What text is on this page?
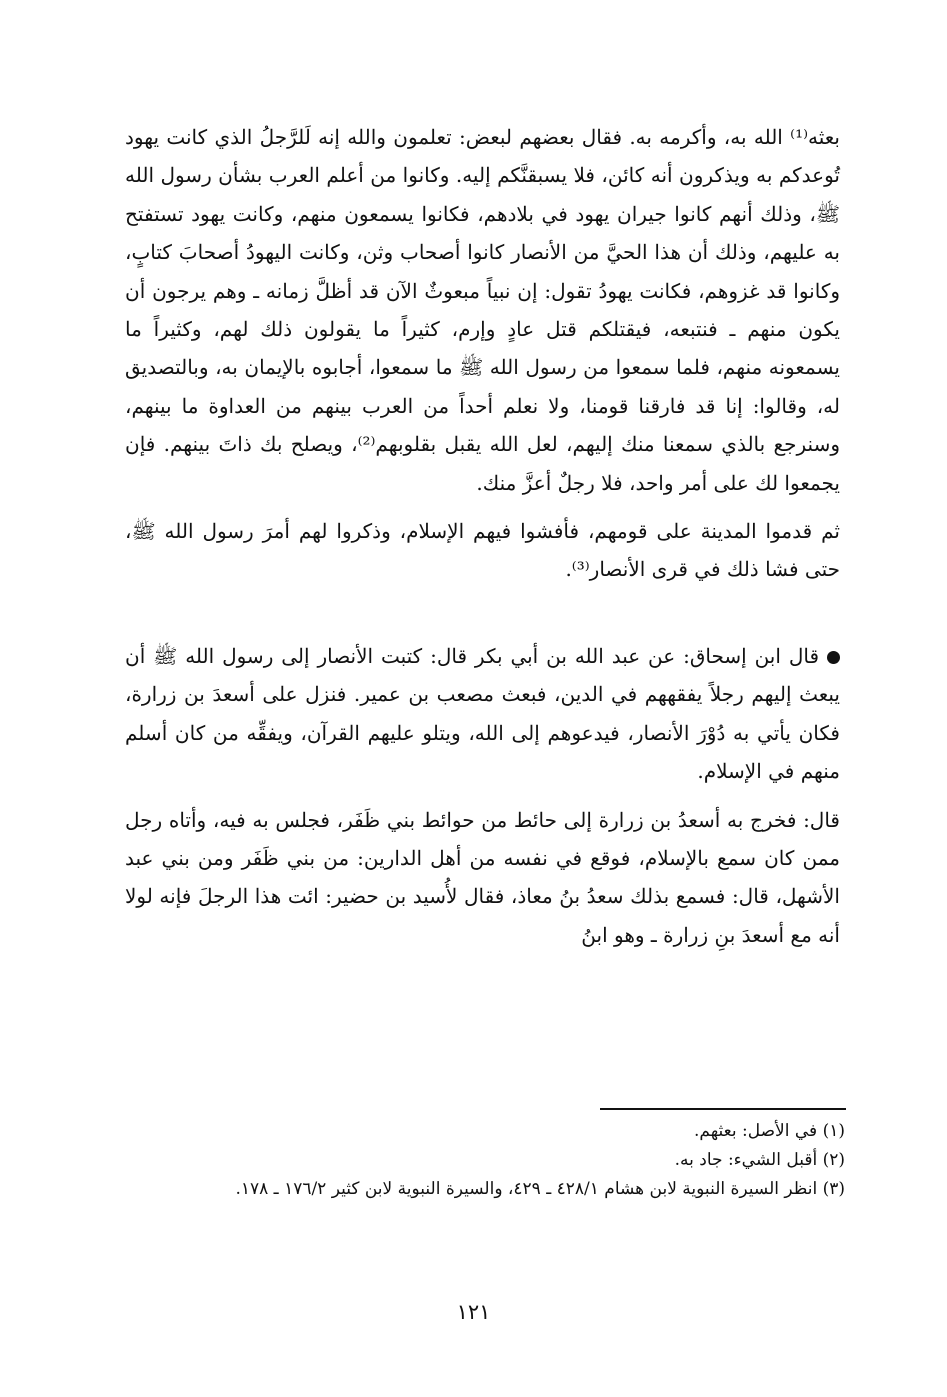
بعثه⁽¹⁾ الله به، وأكرمه به. فقال بعضهم لبعض: تعلمون والله إنه لَلرَّجلُ الذي كانت يهود تُوعدكم به ويذكرون أنه كائن، فلا يسبقنَّكم إليه. وكانوا من أعلم العرب بشأن رسول الله ﷺ، وذلك أنهم كانوا جيران يهود في بلادهم، فكانوا يسمعون منهم، وكانت يهود تستفتح به عليهم، وذلك أن هذا الحيَّ من الأنصار كانوا أصحاب وثن، وكانت اليهودُ أصحابَ كتابٍ، وكانوا قد غزوهم، فكانت يهودُ تقول: إن نبياً مبعوثٌ الآن قد أظلَّ زمانه ـ وهم يرجون أن يكون منهم ـ فنتبعه، فيقتلكم قتل عادٍ وإرم، كثيراً ما يقولون ذلك لهم، وكثيراً ما يسمعونه منهم، فلما سمعوا من رسول الله ﷺ ما سمعوا، أجابوه بالإيمان به، وبالتصديق له، وقالوا: إنا قد فارقنا قومنا، ولا نعلم أحداً من العرب بينهم من العداوة ما بينهم، وسنرجع بالذي سمعنا منك إليهم، لعل الله يقبل بقلوبهم⁽²⁾، ويصلح بك ذاتَ بينهم. فإن يجمعوا لك على أمر واحد، فلا رجلٌ أعزَّ منك.

ثم قدموا المدينة على قومهم، فأفشوا فيهم الإسلام، وذكروا لهم أمرَ رسول الله ﷺ، حتى فشا ذلك في قرى الأنصار⁽³⁾.

قال ابن إسحاق: عن عبد الله بن أبي بكر قال: كتبت الأنصار إلى رسول الله ﷺ أن يبعث إليهم رجلاً يفقههم في الدين، فبعث مصعب بن عمير. فنزل على أسعدَ بن زرارة، فكان يأتي به دُوْرَ الأنصار، فيدعوهم إلى الله، ويتلو عليهم القرآن، ويفقِّه من كان أسلم منهم في الإسلام.

قال: فخرج به أسعدُ بن زرارة إلى حائط من حوائط بني ظَفَر، فجلس به فيه، وأتاه رجل ممن كان سمع بالإسلام، فوقع في نفسه من أهل الدارين: من بني ظَفَر ومن بني عبد الأشهل، قال: فسمع بذلك سعدُ بنُ معاذ، فقال لأُسيد بن حضير: ائت هذا الرجلَ فإنه لولا أنه مع أسعدَ بنِ زرارة ـ وهو ابنُ

(١) في الأصل: بعثهم.

(٢) أقبل الشيء: جاد به.

(٣) انظر السيرة النبوية لابن هشام ٤٢٨/١ ـ ٤٢٩، والسيرة النبوية لابن كثير ١٧٦/٢ ـ ١٧٨.

١٢١
